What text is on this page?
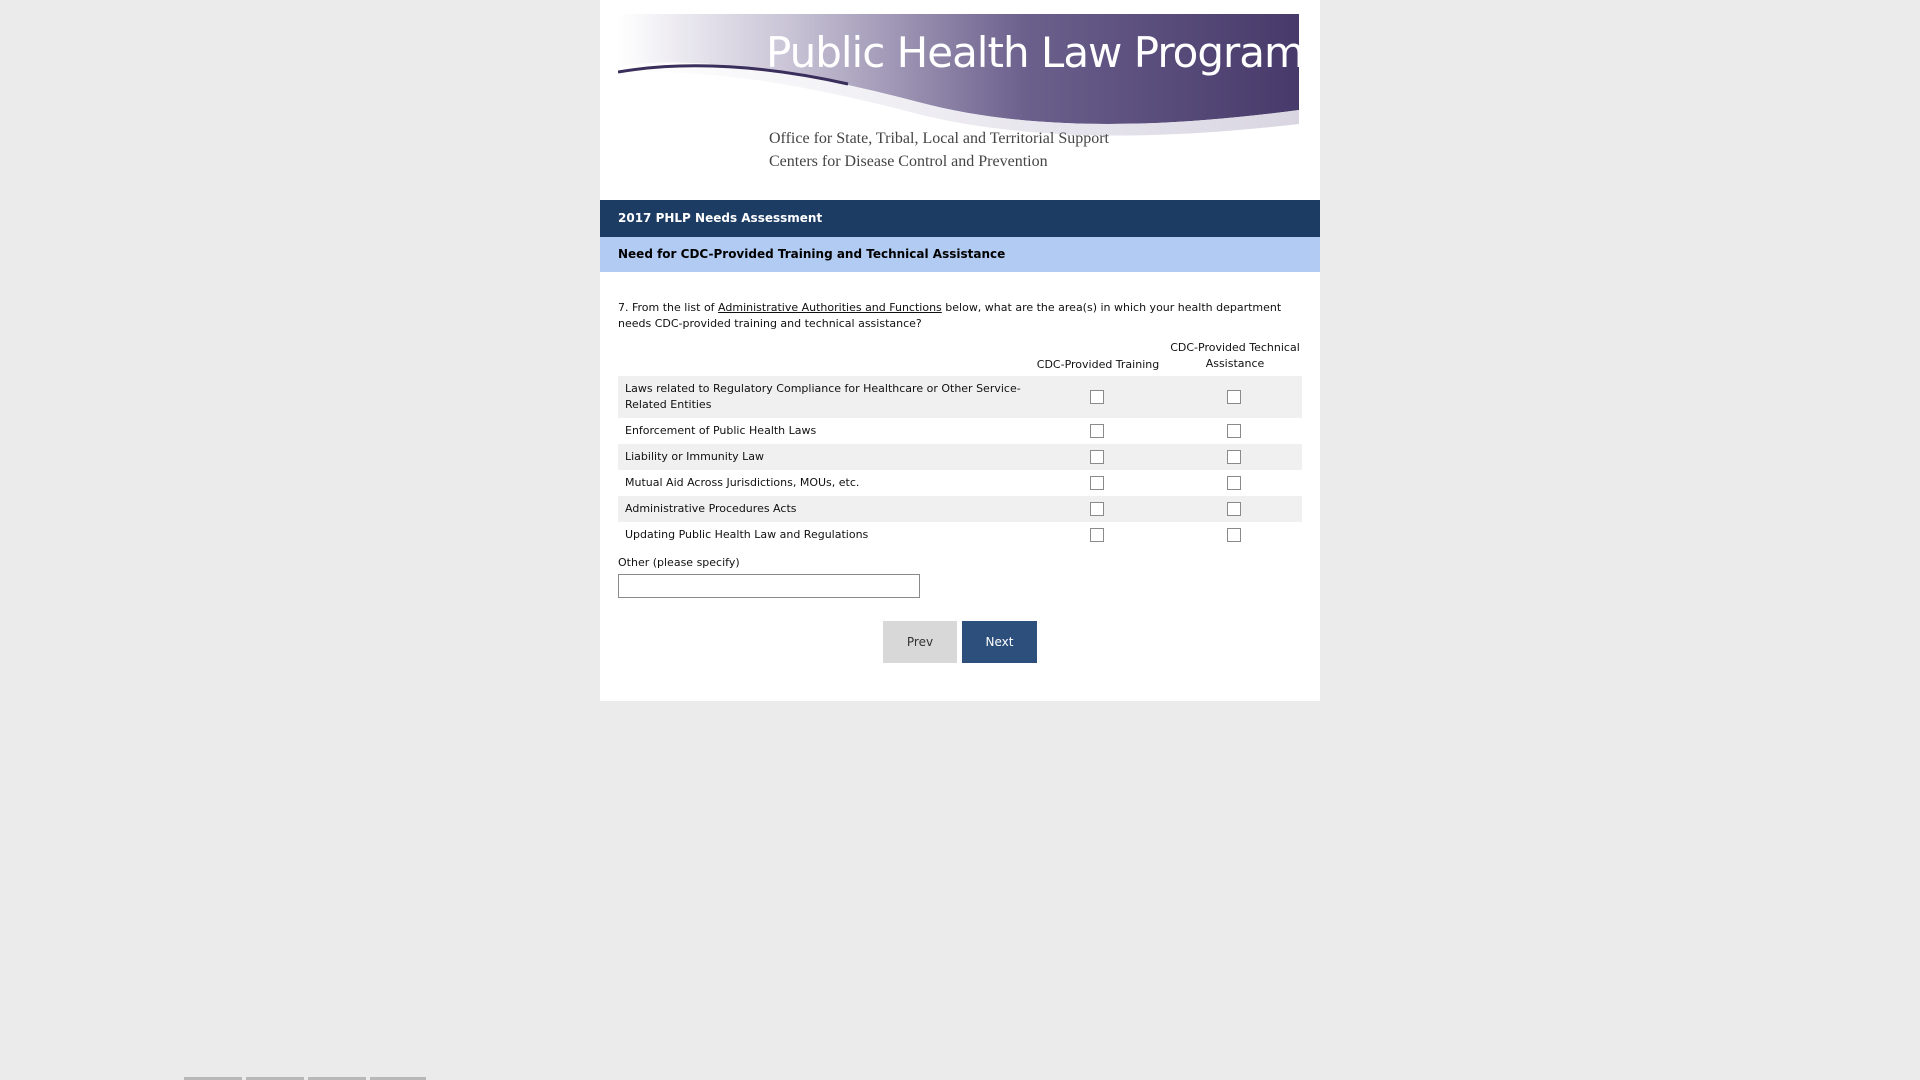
Public Health Law Program
Office for State, Tribal, Local and Territorial Support
Centers for Disease Control and Prevention
2017 PHLP Needs Assessment
Need for CDC-Provided Training and Technical Assistance
7. From the list of Administrative Authorities and Functions below, what are the area(s) in which your health department needs CDC-provided training and technical assistance?
CDC-Provided Training
CDC-Provided Technical Assistance
Laws related to Regulatory Compliance for Healthcare or Other Service-Related Entities
Enforcement of Public Health Laws
Liability or Immunity Law
Mutual Aid Across Jurisdictions, MOUs, etc.
Administrative Procedures Acts
Updating Public Health Law and Regulations
Other (please specify)
Prev	Next
